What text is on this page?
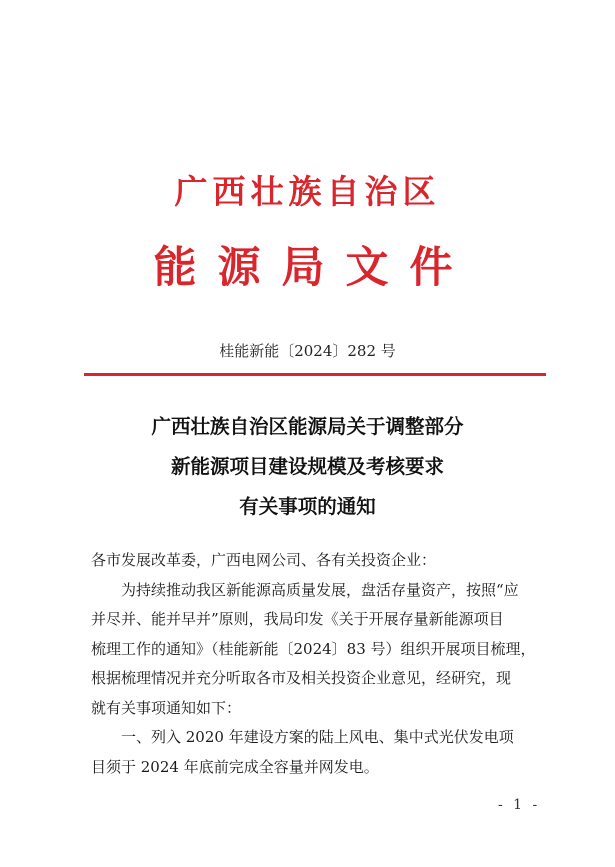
广西壮族自治区
能源局文件
桂能新能〔2024〕282 号
广西壮族自治区能源局关于调整部分
新能源项目建设规模及考核要求
有关事项的通知

各市发展改革委，广西电网公司、各有关投资企业：

为持续推动我区新能源高质量发展，盘活存量资产，按照“应

并尽并、能并早并”原则，我局印发《关于开展存量新能源项目

梳理工作的通知》（桂能新能〔2024〕83 号）组织开展项目梳理，

根据梳理情况并充分听取各市及相关投资企业意见，经研究，现

就有关事项通知如下：

一、列入 2020 年建设方案的陆上风电、集中式光伏发电项

目须于 2024 年底前完成全容量并网发电。

- 1 -
